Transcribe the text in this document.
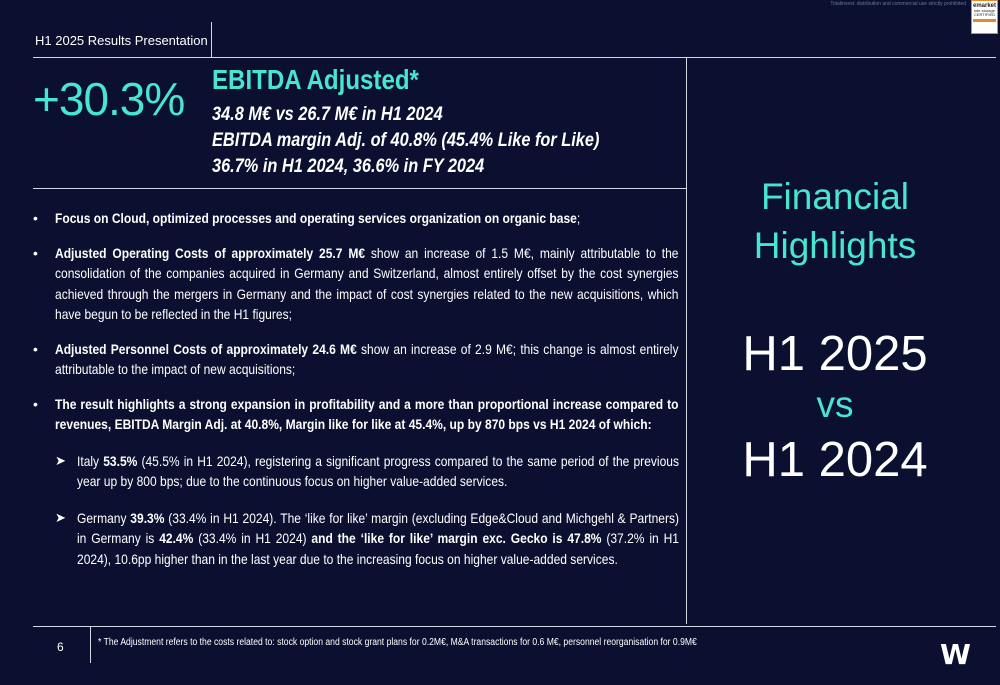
Totalinvest: distribution and commercial use strictly prohibited emarket
sdir storage
CERTIFIED
H1 2025 Results Presentation
+30.3% EBITDA Adjusted*
34.8 M€ vs 26.7 M€ in H1 2024
EBITDA margin Adj. of 40.8% (45.4% Like for Like)
36.7% in H1 2024, 36.6% in FY 2024
• Focus on Cloud, optimized processes and operating services organization on organic base;
• Adjusted Operating Costs of approximately 25.7 M€ show an increase of 1.5 M€, mainly attributable to the consolidation of the companies acquired in Germany and Switzerland, almost entirely offset by the cost synergies achieved through the mergers in Germany and the impact of cost synergies related to the new acquisitions, which have begun to be reflected in the H1 figures;
• Adjusted Personnel Costs of approximately 24.6 M€ show an increase of 2.9 M€; this change is almost entirely attributable to the impact of new acquisitions;
• The result highlights a strong expansion in profitability and a more than proportional increase compared to revenues, EBITDA Margin Adj. at 40.8%, Margin like for like at 45.4%, up by 870 bps vs H1 2024 of which:
➤ Italy 53.5% (45.5% in H1 2024), registering a significant progress compared to the same period of the previous year up by 800 bps; due to the continuous focus on higher value-added services.
➤ Germany 39.3% (33.4% in H1 2024). The ‘like for like’ margin (excluding Edge&Cloud and Michgehl & Partners) in Germany is 42.4% (33.4% in H1 2024) and the ‘like for like’ margin exc. Gecko is 47.8% (37.2% in H1 2024), 10.6pp higher than in the last year due to the increasing focus on higher value-added services.
Financial
Highlights
H1 2025
vs
H1 2024
6	* The Adjustment refers to the costs related to: stock option and stock grant plans for 0.2M€, M&A transactions for 0.6 M€, personnel reorganisation for 0.9M€	W
